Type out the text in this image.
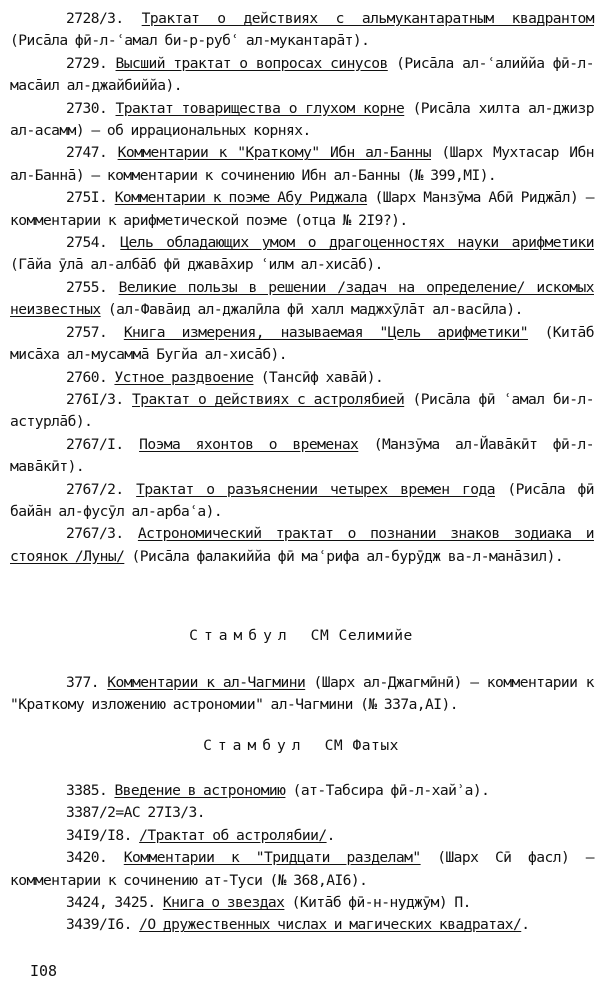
2728/3. Трактат о действиях с альмукантаратным квадрантом (Рисāла фӣ-л-ʿамал би-р-рубʿ ал-мукантарāт).

2729. Высший трактат о вопросах синусов (Рисāла ал-ʿалиййа фӣ-л-масāил ал-джайбиййа).

2730. Трактат товарищества о глухом корне (Рисāла хилта ал-джизр ал-асамм) – об иррациональных корнях.

2747. Комментарии к "Краткому" Ибн ал-Банны (Шарх Мухтасар Ибн ал-Баннā) – комментарии к сочинению Ибн ал-Банны (№ 399,МI).

275I. Комментарии к поэме Абу Риджала (Шарх Манзӯма Абӣ Риджāл) – комментарии к арифметической поэме (отца № 2I9?).

2754. Цель обладающих умом о драгоценностях науки арифметики (Гāйа ӯлā ал-албāб фӣ джавāхир ʿилм ал-хисāб).

2755. Великие пользы в решении /задач на определение/ искомых неизвестных (ал-Фавāид ал-джалӣла фӣ халл маджхӯлāт ал-васӣла).

2757. Книга измерения, называемая "Цель арифметики" (Китāб мисāха ал-мусаммā Бугйа ал-хисāб).

2760. Устное раздвоение (Тансӣф хавāӣ).

276I/3. Трактат о действиях с астролябией (Рисāла фӣ ʿамал би-л-астурлāб).

2767/I. Поэма яхонтов о временах (Манзӯма ал-Йавāкӣт фӣ-л-мавāкӣт).

2767/2. Трактат о разъяснении четырех времен года (Рисāла фӣ байāн ал-фусӯл ал-арбаʿа).

2767/3. Астрономический трактат о познании знаков зодиака и стоянок /Луны/ (Рисāла фалакиййа фӣ маʿрифа ал-бурӯдж ва-л-манāзил).

Стамбул СМ Селимийе

377. Комментарии к ал-Чагмини (Шарх ал-Джагмӣнӣ) – комментарии к "Краткому изложению астрономии" ал-Чагмини (№ 337а,АI).

Стамбул СМ Фатых

3385. Введение в астрономию (ат-Табсира фӣ-л-хайʾа).

3387/2=АС 27I3/3.

34I9/I8. /Трактат об астролябии/.

3420. Комментарии к "Тридцати разделам" (Шарх Сӣ фасл) – комментарии к сочинению ат-Туси (№ 368,АI6).

3424, 3425. Книга о звездах (Китāб фӣ-н-нуджӯм) П.

3439/I6. /О дружественных числах и магических квадратах/.

I08
